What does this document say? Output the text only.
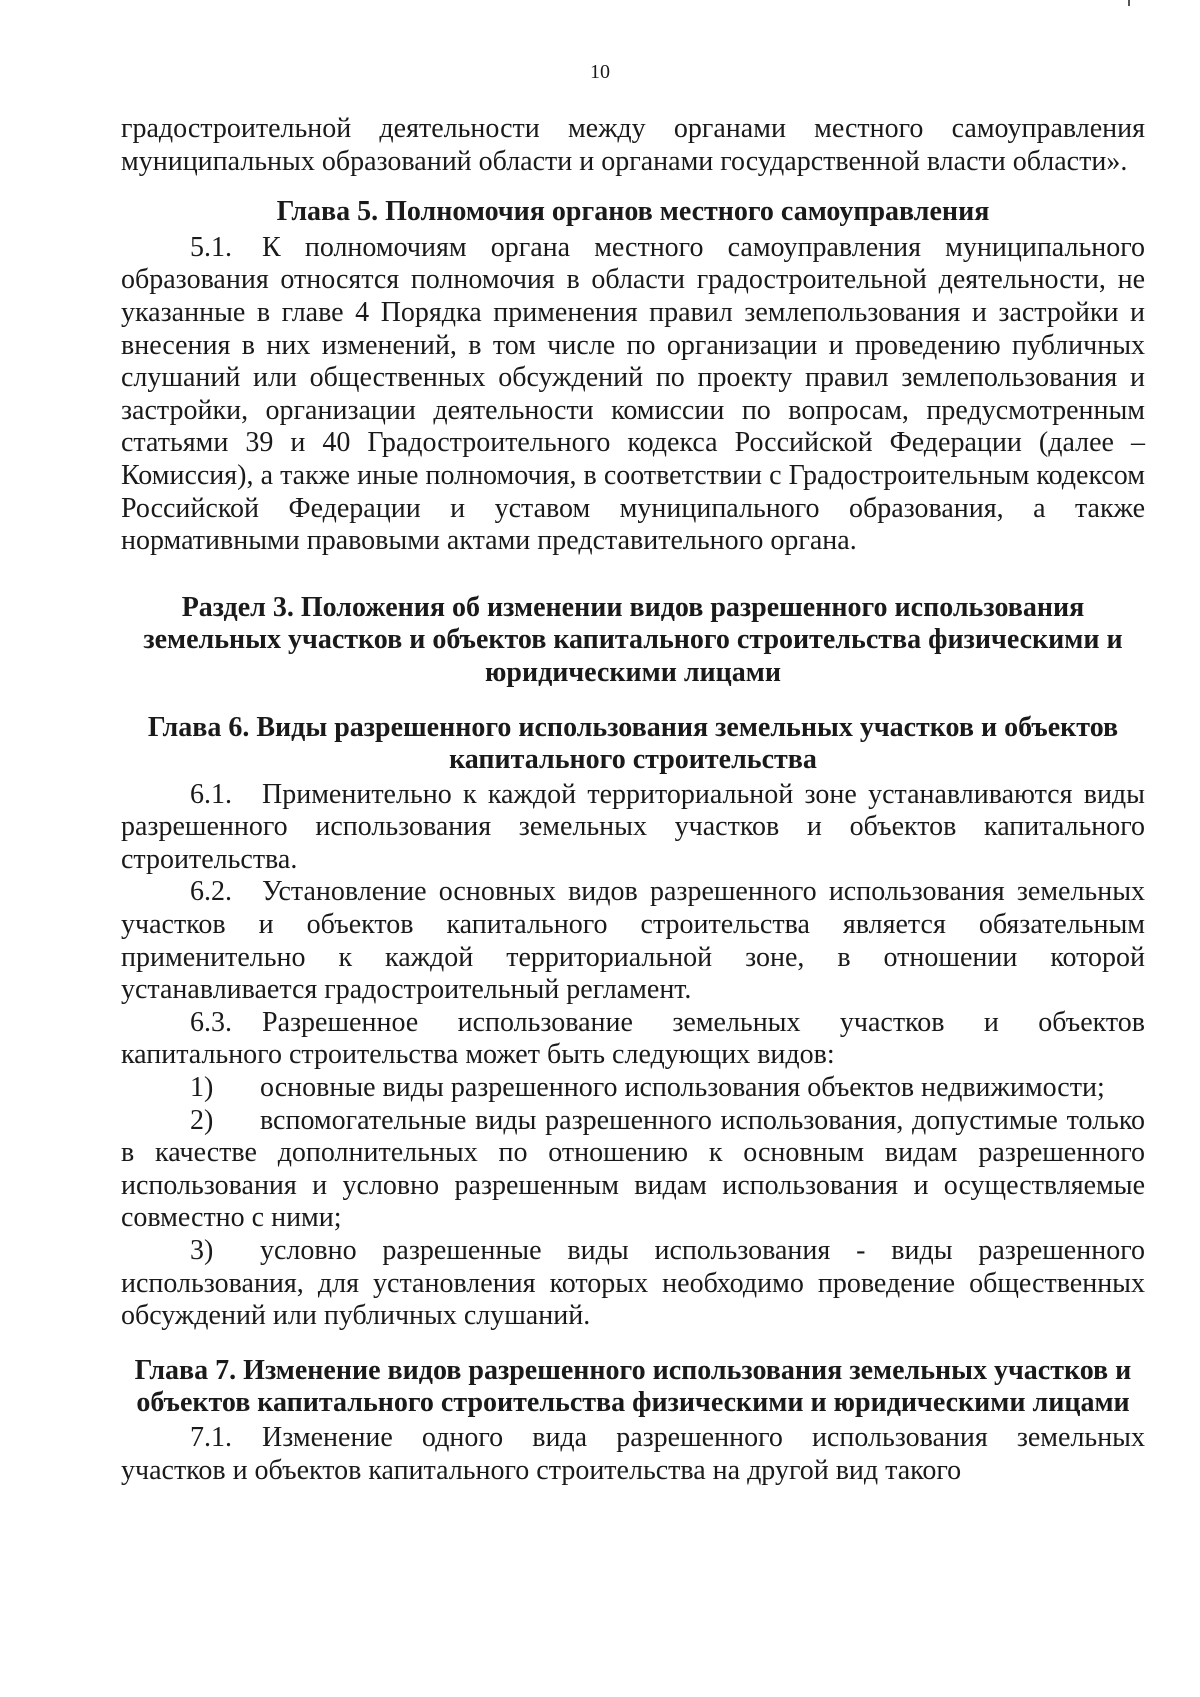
10

градостроительной деятельности между органами местного самоуправления муниципальных образований области и органами государственной власти области».

Глава 5. Полномочия органов местного самоуправления

5.1. К полномочиям органа местного самоуправления муниципального образования относятся полномочия в области градостроительной деятельности, не указанные в главе 4 Порядка применения правил землепользования и застройки и внесения в них изменений, в том числе по организации и проведению публичных слушаний или общественных обсуждений по проекту правил землепользования и застройки, организации деятельности комиссии по вопросам, предусмотренным статьями 39 и 40 Градостроительного кодекса Российской Федерации (далее – Комиссия), а также иные полномочия, в соответствии с Градостроительным кодексом Российской Федерации и уставом муниципального образования, а также нормативными правовыми актами представительного органа.

Раздел 3. Положения об изменении видов разрешенного использования земельных участков и объектов капитального строительства физическими и юридическими лицами
Глава 6. Виды разрешенного использования земельных участков и объектов капитального строительства

6.1. Применительно к каждой территориальной зоне устанавливаются виды разрешенного использования земельных участков и объектов капитального строительства.

6.2. Установление основных видов разрешенного использования земельных участков и объектов капитального строительства является обязательным применительно к каждой территориальной зоне, в отношении которой устанавливается градостроительный регламент.

6.3. Разрешенное использование земельных участков и объектов капитального строительства может быть следующих видов:

1) основные виды разрешенного использования объектов недвижимости;

2) вспомогательные виды разрешенного использования, допустимые только в качестве дополнительных по отношению к основным видам разрешенного использования и условно разрешенным видам использования и осуществляемые совместно с ними;

3) условно разрешенные виды использования - виды разрешенного использования, для установления которых необходимо проведение общественных обсуждений или публичных слушаний.

Глава 7. Изменение видов разрешенного использования земельных участков и
объектов капитального строительства физическими и юридическими лицами

7.1. Изменение одного вида разрешенного использования земельных участков и объектов капитального строительства на другой вид такого
